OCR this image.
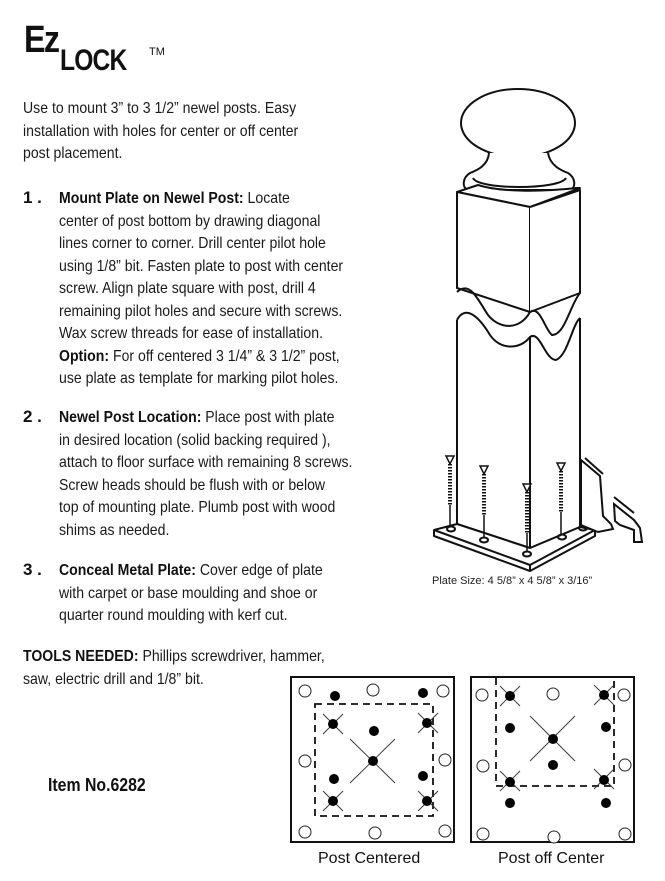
Ez LOCK TM
Use to mount 3” to 3 1/2” newel posts. Easy
installation with holes for center or off center
post placement.
1 . Mount Plate on Newel Post: Locate
center of post bottom by drawing diagonal
lines corner to corner. Drill center pilot hole
using 1/8” bit. Fasten plate to post with center
screw. Align plate square with post, drill 4
remaining pilot holes and secure with screws.
Wax screw threads for ease of installation.
Option: For off centered 3 1/4” & 3 1/2” post,
use plate as template for marking pilot holes.
2 . Newel Post Location: Place post with plate
in desired location (solid backing required ),
attach to floor surface with remaining 8 screws.
Screw heads should be flush with or below
top of mounting plate. Plumb post with wood
shims as needed.
3 . Conceal Metal Plate: Cover edge of plate
with carpet or base moulding and shoe or
quarter round moulding with kerf cut.
TOOLS NEEDED: Phillips screwdriver, hammer,
saw, electric drill and 1/8” bit.
Item No.6282
Plate Size: 4 5/8” x 4 5/8” x 3/16”
Post Centered	Post off Center
